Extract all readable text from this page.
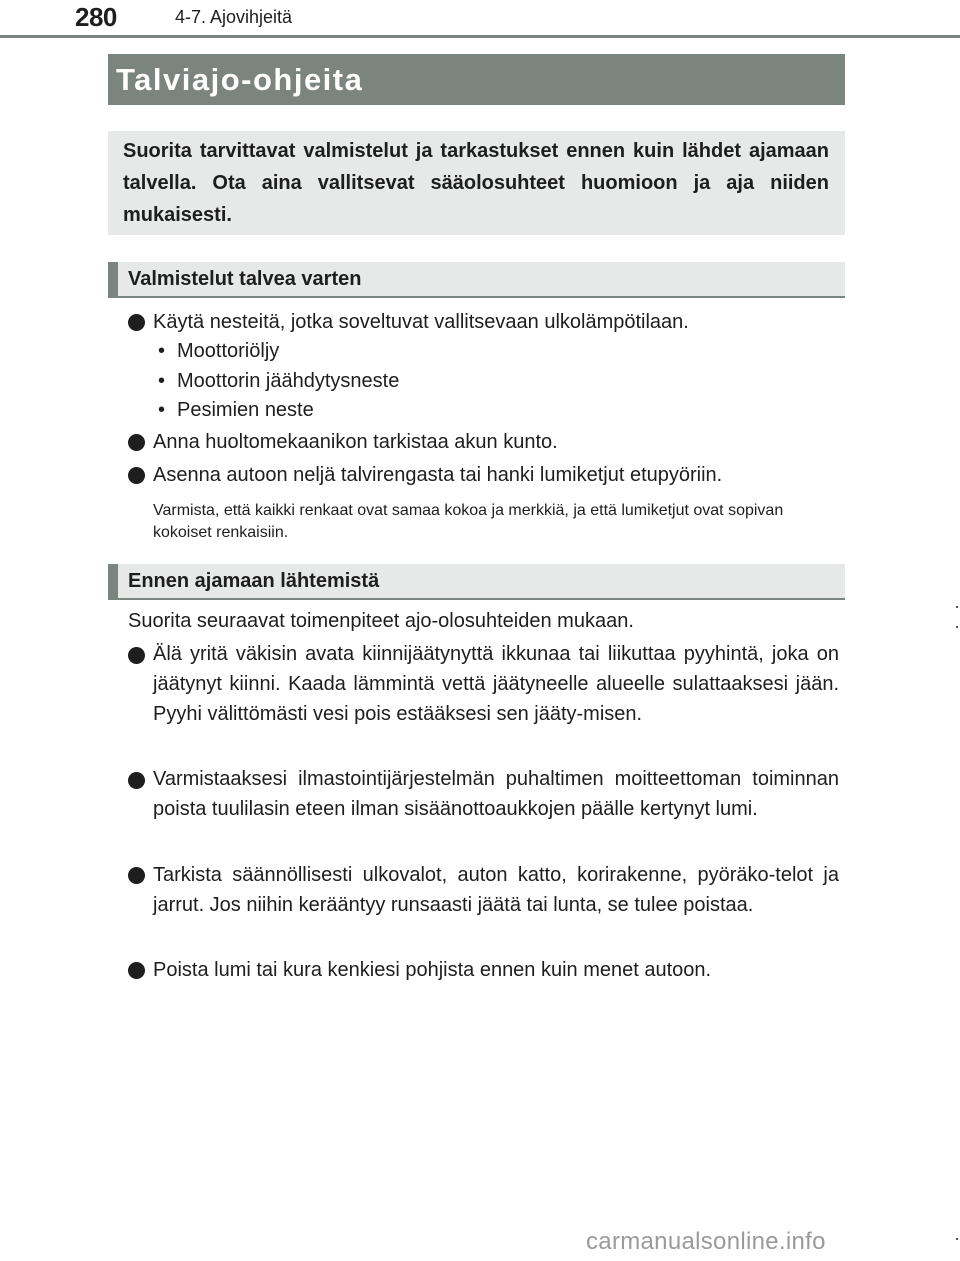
280	4-7. Ajovihjeitä
Talviajo-ohjeita
Suorita tarvittavat valmistelut ja tarkastukset ennen kuin lähdet ajamaan talvella. Ota aina vallitsevat sääolosuhteet huomioon ja aja niiden mukaisesti.
Valmistelut talvea varten
Käytä nesteitä, jotka soveltuvat vallitsevaan ulkolämpötilaan.
• Moottoriöljy
• Moottorin jäähdytysneste
• Pesimien neste
Anna huoltomekaanikon tarkistaa akun kunto.
Asenna autoon neljä talvirengasta tai hanki lumiketjut etupyöriin.
Varmista, että kaikki renkaat ovat samaa kokoa ja merkkiä, ja että lumiketjut ovat sopivan kokoiset renkaisiin.
Ennen ajamaan lähtemistä
Suorita seuraavat toimenpiteet ajo-olosuhteiden mukaan.
Älä yritä väkisin avata kiinnijäätynyttä ikkunaa tai liikuttaa pyyhintä, joka on jäätynyt kiinni. Kaada lämmintä vettä jäätyneelle alueelle sulattaaksesi jään. Pyyhi välittömästi vesi pois estääksesi sen jääty-misen.
Varmistaaksesi ilmastointijärjestelmän puhaltimen moitteettoman toiminnan poista tuulilasin eteen ilman sisäänottoaukkojen päälle kertynyt lumi.
Tarkista säännöllisesti ulkovalot, auton katto, korirakenne, pyöräko-telot ja jarrut. Jos niihin kerääntyy runsaasti jäätä tai lunta, se tulee poistaa.
Poista lumi tai kura kenkiesi pohjista ennen kuin menet autoon.
carmanualsonline.info
